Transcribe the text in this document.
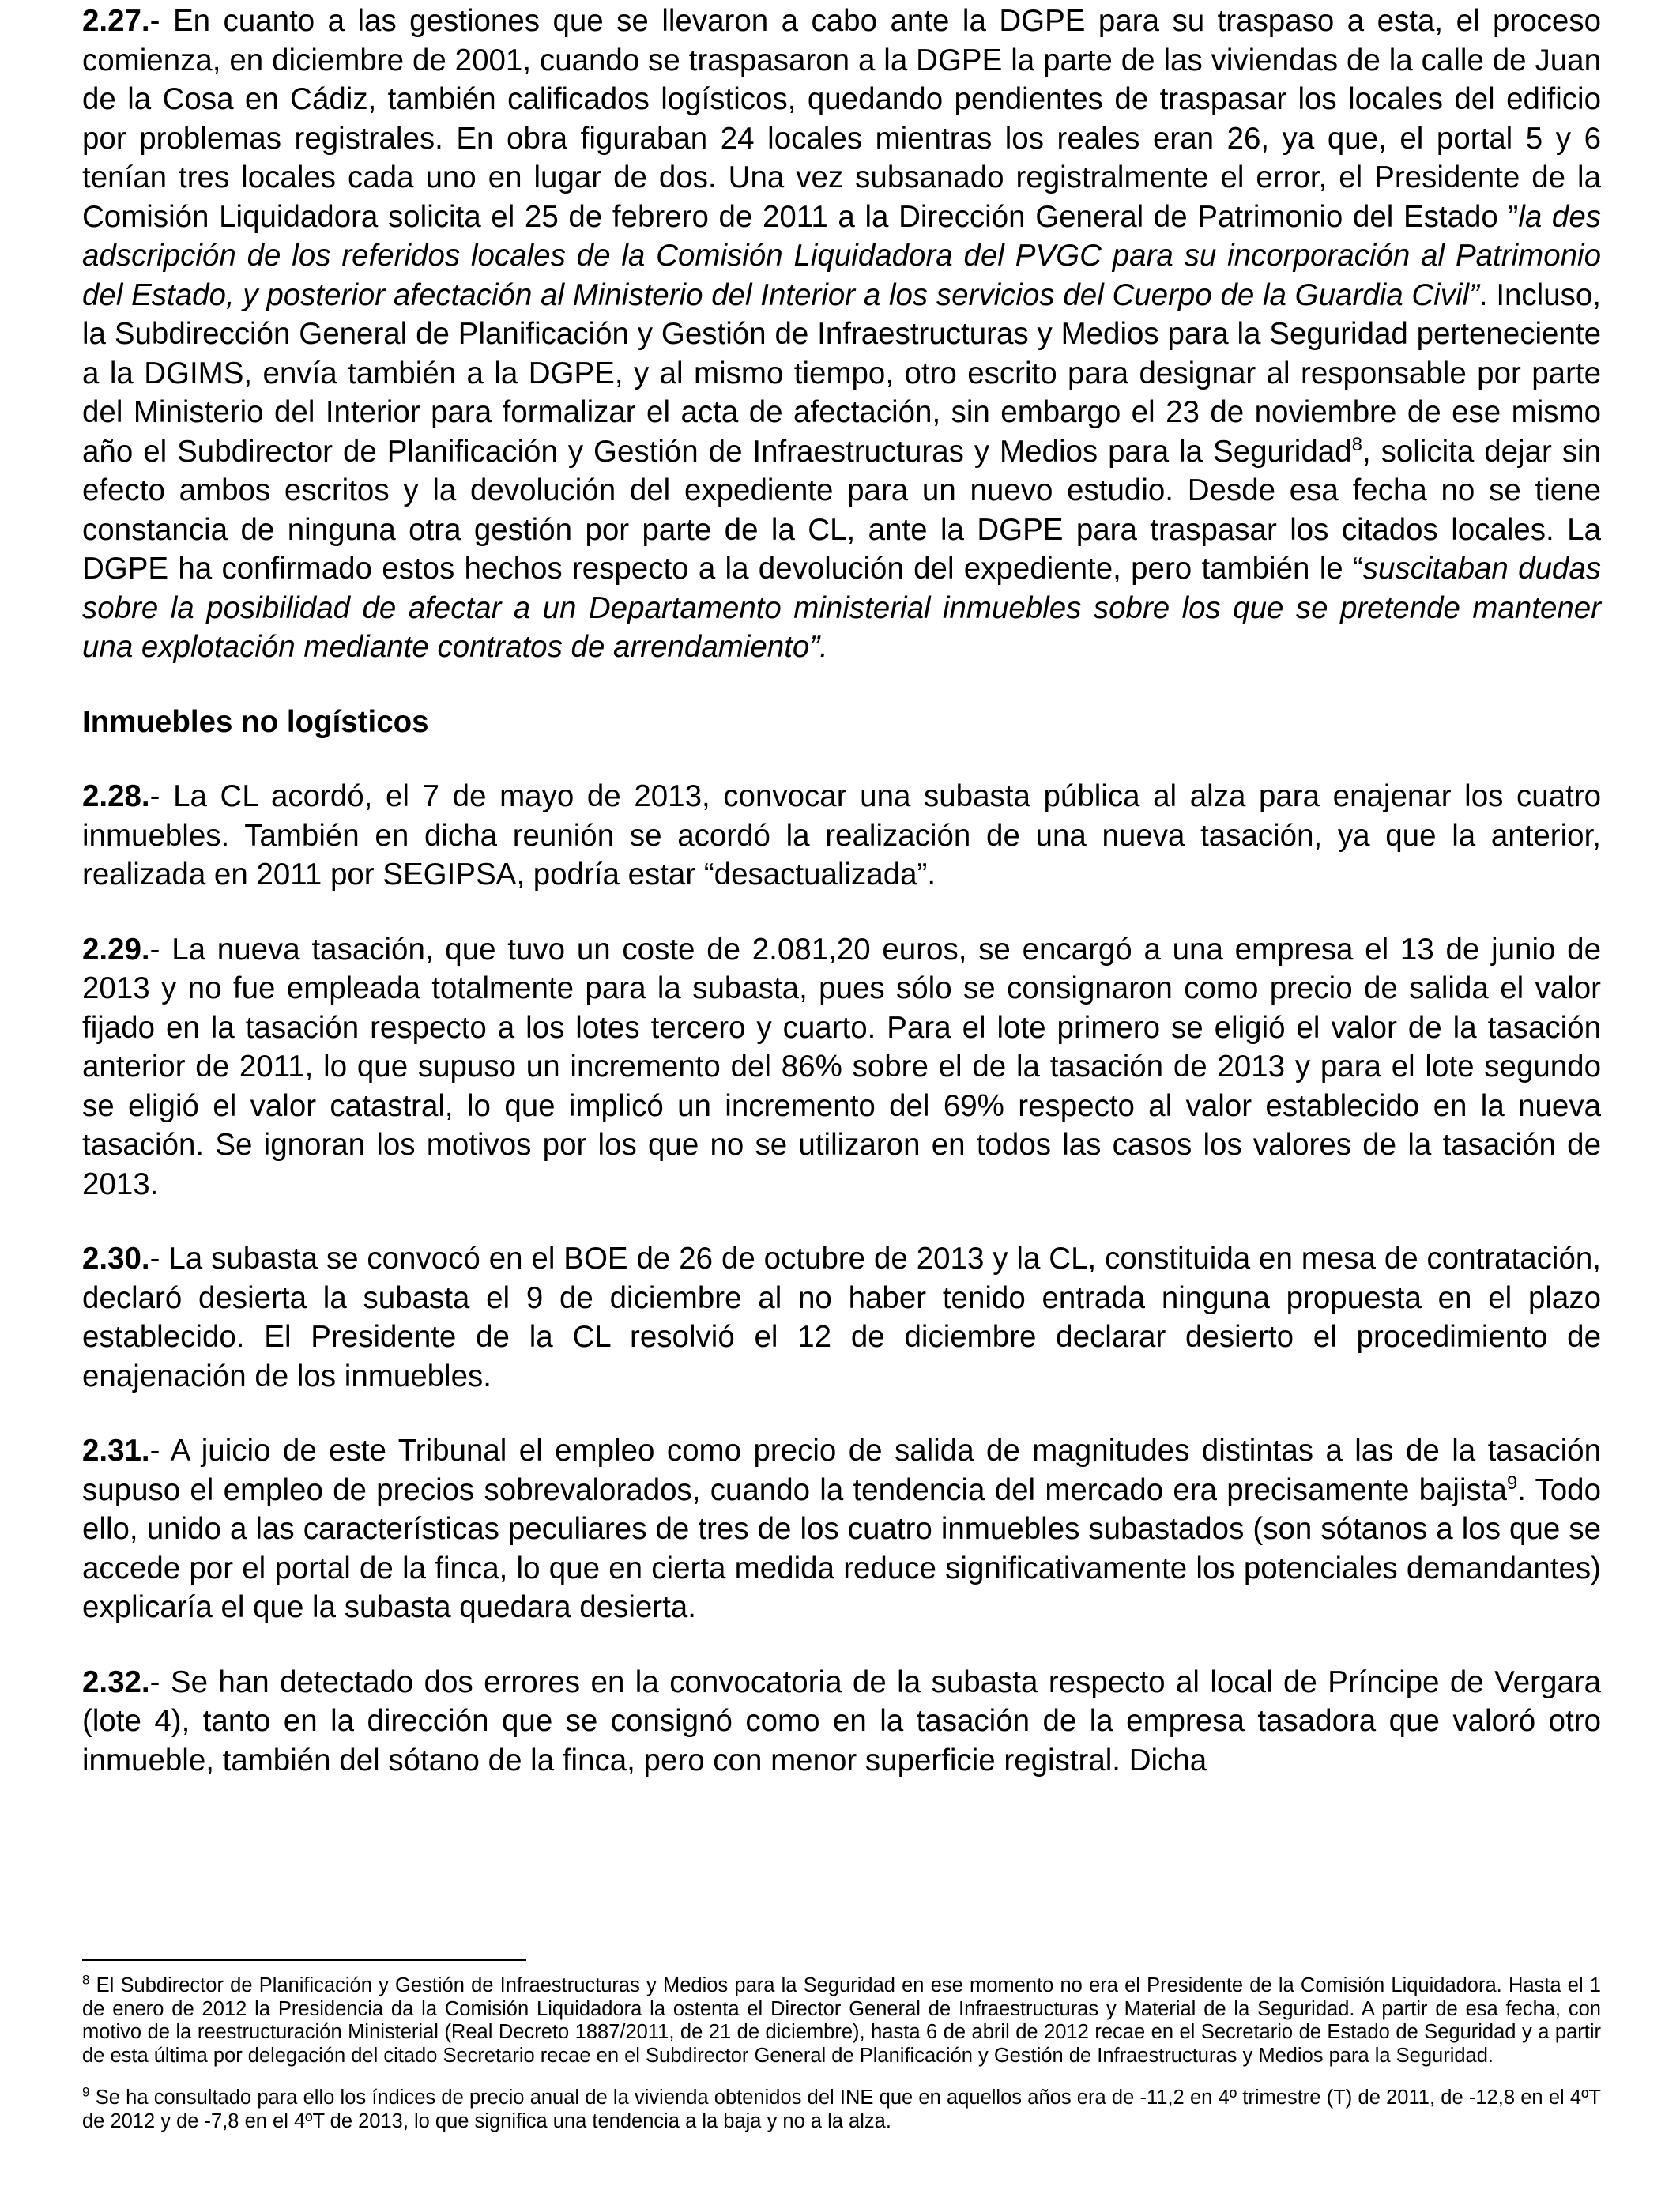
2.27.- En cuanto a las gestiones que se llevaron a cabo ante la DGPE para su traspaso a esta, el proceso comienza, en diciembre de 2001, cuando se traspasaron a la DGPE la parte de las viviendas de la calle de Juan de la Cosa en Cádiz, también calificados logísticos, quedando pendientes de traspasar los locales del edificio por problemas registrales. En obra figuraban 24 locales mientras los reales eran 26, ya que, el portal 5 y 6 tenían tres locales cada uno en lugar de dos. Una vez subsanado registralmente el error, el Presidente de la Comisión Liquidadora solicita el 25 de febrero de 2011 a la Dirección General de Patrimonio del Estado ”la des adscripción de los referidos locales de la Comisión Liquidadora del PVGC para su incorporación al Patrimonio del Estado, y posterior afectación al Ministerio del Interior a los servicios del Cuerpo de la Guardia Civil”. Incluso, la Subdirección General de Planificación y Gestión de Infraestructuras y Medios para la Seguridad perteneciente a la DGIMS, envía también a la DGPE, y al mismo tiempo, otro escrito para designar al responsable por parte del Ministerio del Interior para formalizar el acta de afectación, sin embargo el 23 de noviembre de ese mismo año el Subdirector de Planificación y Gestión de Infraestructuras y Medios para la Seguridad$^8$, solicita dejar sin efecto ambos escritos y la devolución del expediente para un nuevo estudio. Desde esa fecha no se tiene constancia de ninguna otra gestión por parte de la CL, ante la DGPE para traspasar los citados locales. La DGPE ha confirmado estos hechos respecto a la devolución del expediente, pero también le “suscitaban dudas sobre la posibilidad de afectar a un Departamento ministerial inmuebles sobre los que se pretende mantener una explotación mediante contratos de arrendamiento”.

Inmuebles no logísticos

2.28.- La CL acordó, el 7 de mayo de 2013, convocar una subasta pública al alza para enajenar los cuatro inmuebles. También en dicha reunión se acordó la realización de una nueva tasación, ya que la anterior, realizada en 2011 por SEGIPSA, podría estar “desactualizada”.

2.29.- La nueva tasación, que tuvo un coste de 2.081,20 euros, se encargó a una empresa el 13 de junio de 2013 y no fue empleada totalmente para la subasta, pues sólo se consignaron como precio de salida el valor fijado en la tasación respecto a los lotes tercero y cuarto. Para el lote primero se eligió el valor de la tasación anterior de 2011, lo que supuso un incremento del 86% sobre el de la tasación de 2013 y para el lote segundo se eligió el valor catastral, lo que implicó un incremento del 69% respecto al valor establecido en la nueva tasación. Se ignoran los motivos por los que no se utilizaron en todos las casos los valores de la tasación de 2013.

2.30.- La subasta se convocó en el BOE de 26 de octubre de 2013 y la CL, constituida en mesa de contratación, declaró desierta la subasta el 9 de diciembre al no haber tenido entrada ninguna propuesta en el plazo establecido. El Presidente de la CL resolvió el 12 de diciembre declarar desierto el procedimiento de enajenación de los inmuebles.

2.31.- A juicio de este Tribunal el empleo como precio de salida de magnitudes distintas a las de la tasación supuso el empleo de precios sobrevalorados, cuando la tendencia del mercado era precisamente bajista$^9$. Todo ello, unido a las características peculiares de tres de los cuatro inmuebles subastados (son sótanos a los que se accede por el portal de la finca, lo que en cierta medida reduce significativamente los potenciales demandantes) explicaría el que la subasta quedara desierta.

2.32.- Se han detectado dos errores en la convocatoria de la subasta respecto al local de Príncipe de Vergara (lote 4), tanto en la dirección que se consignó como en la tasación de la empresa tasadora que valoró otro inmueble, también del sótano de la finca, pero con menor superficie registral. Dicha

$^8$ El Subdirector de Planificación y Gestión de Infraestructuras y Medios para la Seguridad en ese momento no era el Presidente de la Comisión Liquidadora. Hasta el 1 de enero de 2012 la Presidencia da la Comisión Liquidadora la ostenta el Director General de Infraestructuras y Material de la Seguridad. A partir de esa fecha, con motivo de la reestructuración Ministerial (Real Decreto 1887/2011, de 21 de diciembre), hasta 6 de abril de 2012 recae en el Secretario de Estado de Seguridad y a partir de esta última por delegación del citado Secretario recae en el Subdirector General de Planificación y Gestión de Infraestructuras y Medios para la Seguridad.

$^9$ Se ha consultado para ello los índices de precio anual de la vivienda obtenidos del INE que en aquellos años era de -11,2 en 4º trimestre (T) de 2011, de -12,8 en el 4ºT de 2012 y de -7,8 en el 4ºT de 2013, lo que significa una tendencia a la baja y no a la alza.
